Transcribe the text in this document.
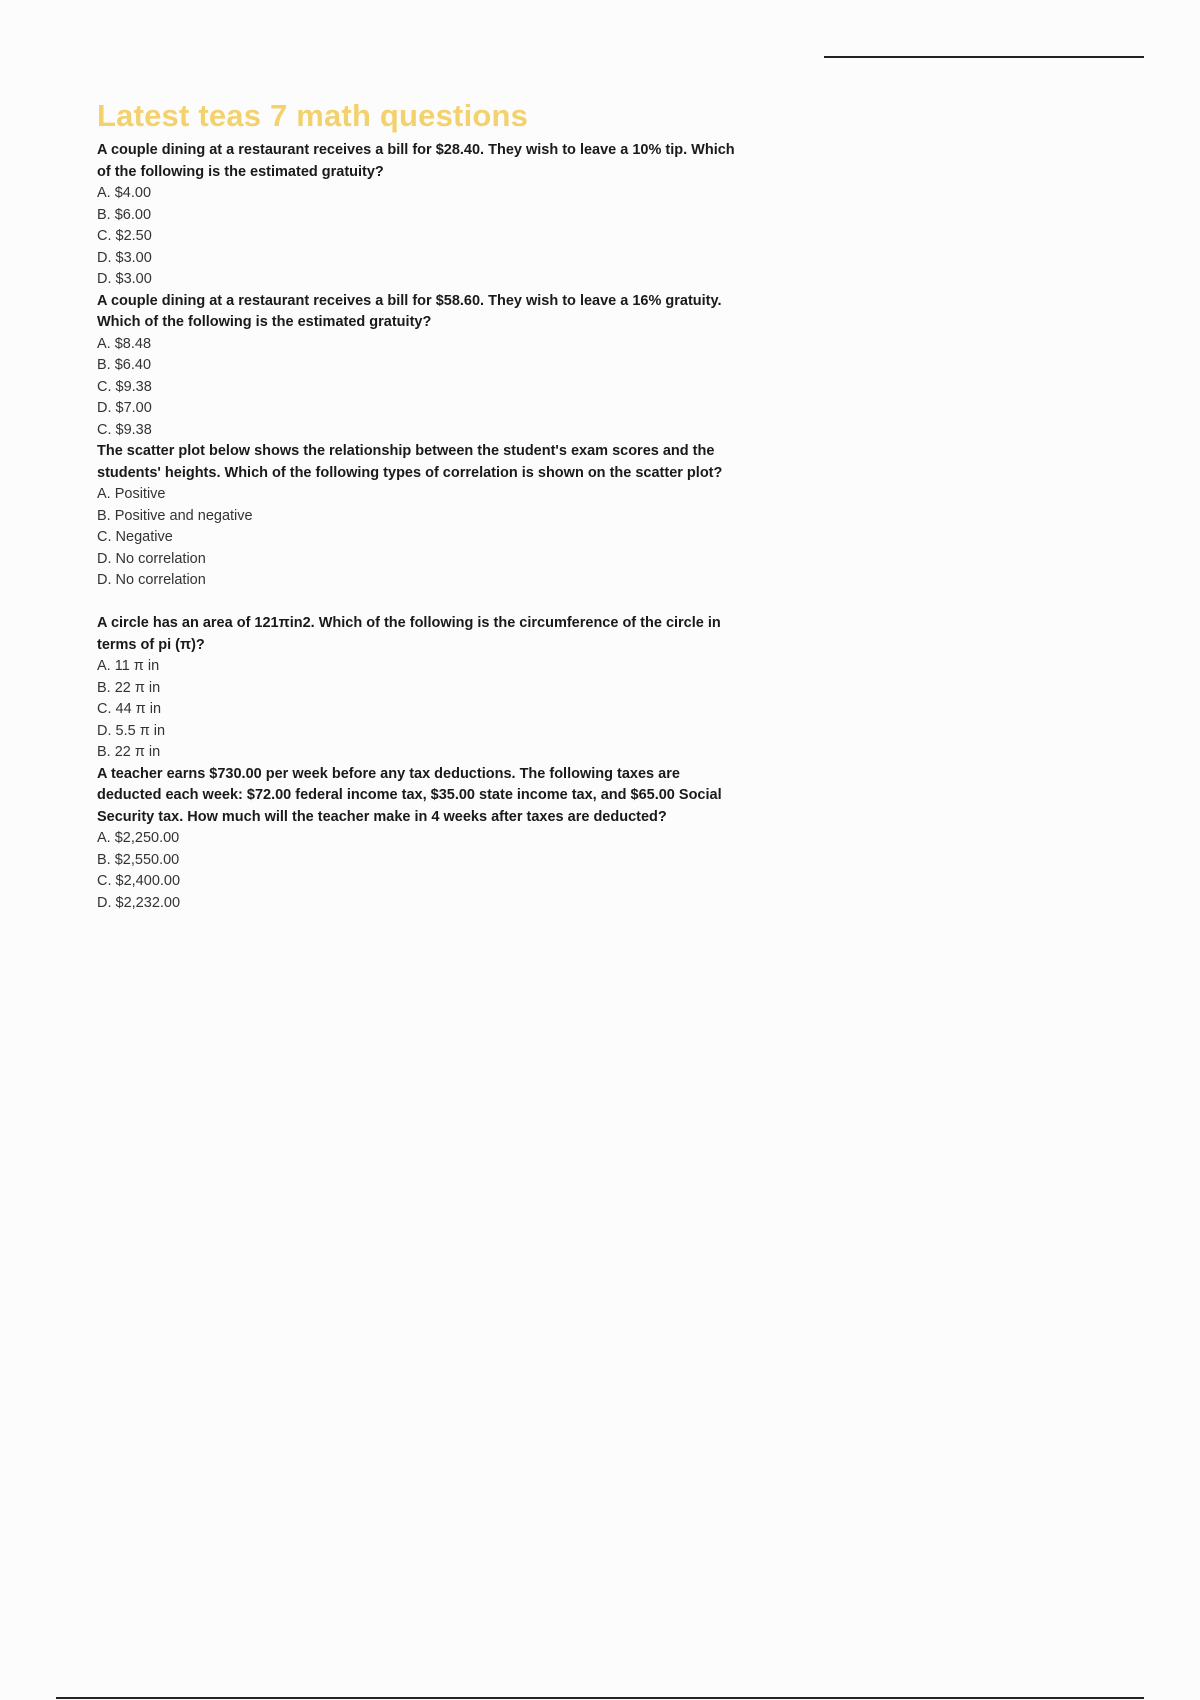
Latest teas 7 math questions
A couple dining at a restaurant receives a bill for $28.40. They wish to leave a 10% tip. Which of the following is the estimated gratuity?
A. $4.00
B. $6.00
C. $2.50
D. $3.00
D. $3.00
A couple dining at a restaurant receives a bill for $58.60. They wish to leave a 16% gratuity. Which of the following is the estimated gratuity?
A. $8.48
B. $6.40
C. $9.38
D. $7.00
C. $9.38
The scatter plot below shows the relationship between the student's exam scores and the students' heights. Which of the following types of correlation is shown on the scatter plot?
A. Positive
B. Positive and negative
C. Negative
D. No correlation
D. No correlation
A circle has an area of 121πin2. Which of the following is the circumference of the circle in terms of pi (π)?
A. 11 π in
B. 22 π in
C. 44 π in
D. 5.5 π in
B. 22 π in
A teacher earns $730.00 per week before any tax deductions. The following taxes are deducted each week: $72.00 federal income tax, $35.00 state income tax, and $65.00 Social Security tax. How much will the teacher make in 4 weeks after taxes are deducted?
A. $2,250.00
B. $2,550.00
C. $2,400.00
D. $2,232.00
